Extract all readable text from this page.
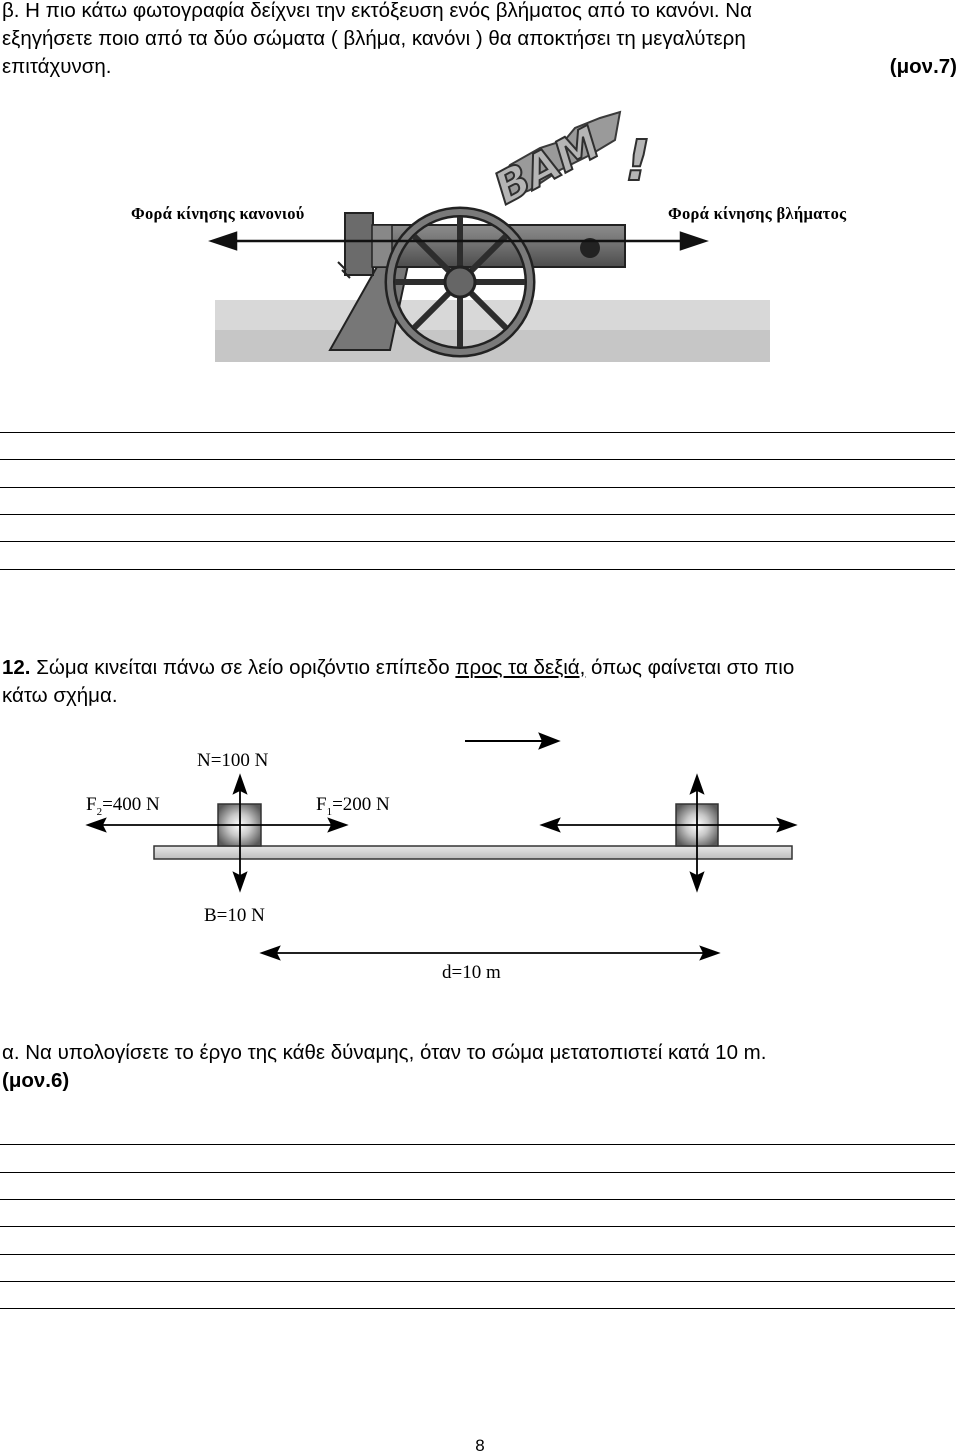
β. Η πιο κάτω φωτογραφία δείχνει την εκτόξευση ενός βλήματος από το κανόνι. Να

εξηγήσετε ποιο από τα δύο σώματα ( βλήμα, κανόνι ) θα αποκτήσει τη μεγαλύτερη

επιτάχυνση.	(μον.7)
BAM !
Φορά κίνησης κανονιού	Φορά κίνησης βλήματος

12. Σώμα κινείται πάνω σε λείο οριζόντιο επίπεδο προς τα δεξιά, όπως φαίνεται στο πιο

κάτω σχήμα.

N=100 N
$F_2=400$ N	$F_1=200$ N
B=10 N
d=10 m

α. Να υπολογίσετε το έργο της κάθε δύναμης, όταν το σώμα μετατοπιστεί κατά 10 m.

(μον.6)

8
